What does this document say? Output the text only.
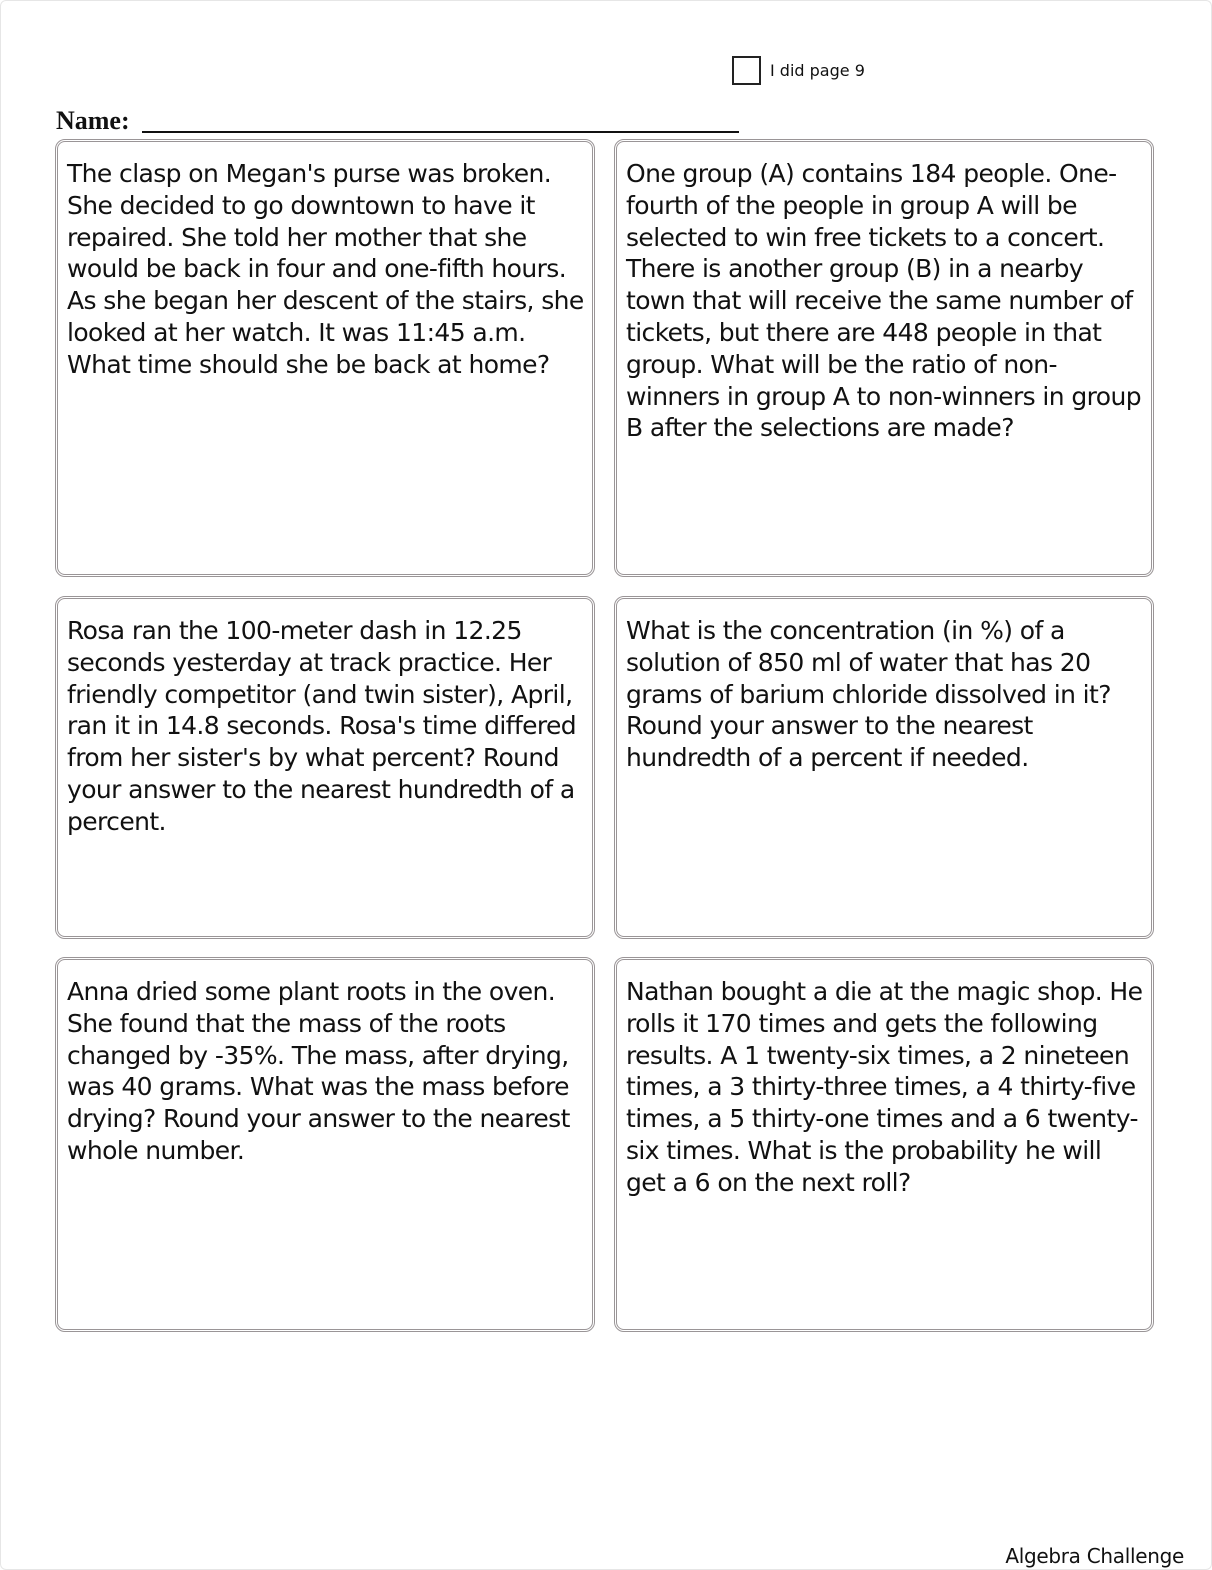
I did page 9
Name:

The clasp on Megan's purse was broken. She decided to go downtown to have it repaired. She told her mother that she would be back in four and one-fifth hours. As she began her descent of the stairs, she looked at her watch. It was 11:45 a.m. What time should she be back at home?

One group (A) contains 184 people. One-fourth of the people in group A will be selected to win free tickets to a concert. There is another group (B) in a nearby town that will receive the same number of tickets, but there are 448 people in that group. What will be the ratio of non-winners in group A to non-winners in group B after the selections are made?

Rosa ran the 100-meter dash in 12.25 seconds yesterday at track practice. Her friendly competitor (and twin sister), April, ran it in 14.8 seconds. Rosa's time differed from her sister's by what percent? Round your answer to the nearest hundredth of a percent.

What is the concentration (in %) of a solution of 850 ml of water that has 20 grams of barium chloride dissolved in it? Round your answer to the nearest hundredth of a percent if needed.

Anna dried some plant roots in the oven. She found that the mass of the roots changed by -35%. The mass, after drying, was 40 grams. What was the mass before drying? Round your answer to the nearest whole number.

Nathan bought a die at the magic shop. He rolls it 170 times and gets the following results. A 1 twenty-six times, a 2 nineteen times, a 3 thirty-three times, a 4 thirty-five times, a 5 thirty-one times and a 6 twenty-six times. What is the probability he will get a 6 on the next roll?

Algebra Challenge
